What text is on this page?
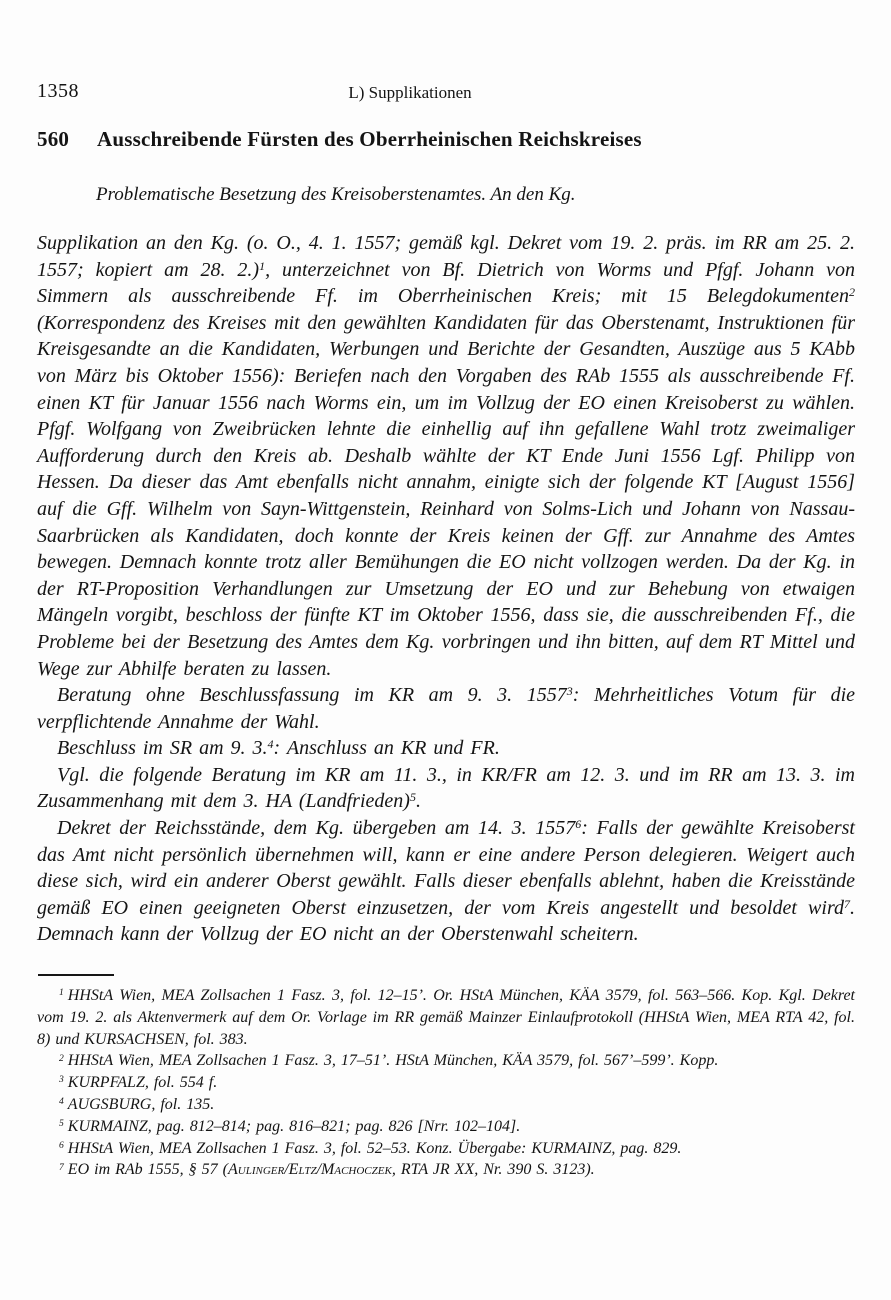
1358	L) Supplikationen
560	Ausschreibende Fürsten des Oberrheinischen Reichskreises
Problematische Besetzung des Kreisoberstenamtes. An den Kg.

Supplikation an den Kg. (o. O., 4. 1. 1557; gemäß kgl. Dekret vom 19. 2. präs. im RR am 25. 2. 1557; kopiert am 28. 2.)$^1$, unterzeichnet von Bf. Dietrich von Worms und Pfgf. Johann von Simmern als ausschreibende Ff. im Oberrheinischen Kreis; mit 15 Belegdokumenten$^2$ (Korrespondenz des Kreises mit den gewählten Kandidaten für das Oberstenamt, Instruktionen für Kreisgesandte an die Kandidaten, Werbungen und Berichte der Gesandten, Auszüge aus 5 KAbb von März bis Oktober 1556): Beriefen nach den Vorgaben des RAb 1555 als ausschreibende Ff. einen KT für Januar 1556 nach Worms ein, um im Vollzug der EO einen Kreisoberst zu wählen. Pfgf. Wolfgang von Zweibrücken lehnte die einhellig auf ihn gefallene Wahl trotz zweimaliger Aufforderung durch den Kreis ab. Deshalb wählte der KT Ende Juni 1556 Lgf. Philipp von Hessen. Da dieser das Amt ebenfalls nicht annahm, einigte sich der folgende KT [August 1556] auf die Gff. Wilhelm von Sayn-Wittgenstein, Reinhard von Solms-Lich und Johann von Nassau-Saarbrücken als Kandidaten, doch konnte der Kreis keinen der Gff. zur Annahme des Amtes bewegen. Demnach konnte trotz aller Bemühungen die EO nicht vollzogen werden. Da der Kg. in der RT-Proposition Verhandlungen zur Umsetzung der EO und zur Behebung von etwaigen Mängeln vorgibt, beschloss der fünfte KT im Oktober 1556, dass sie, die ausschreibenden Ff., die Probleme bei der Besetzung des Amtes dem Kg. vorbringen und ihn bitten, auf dem RT Mittel und Wege zur Abhilfe beraten zu lassen.

Beratung ohne Beschlussfassung im KR am 9. 3. 1557$^3$: Mehrheitliches Votum für die verpflichtende Annahme der Wahl.

Beschluss im SR am 9. 3.$^4$: Anschluss an KR und FR.

Vgl. die folgende Beratung im KR am 11. 3., in KR/FR am 12. 3. und im RR am 13. 3. im Zusammenhang mit dem 3. HA (Landfrieden)$^5$.

Dekret der Reichsstände, dem Kg. übergeben am 14. 3. 1557$^6$: Falls der gewählte Kreisoberst das Amt nicht persönlich übernehmen will, kann er eine andere Person delegieren. Weigert auch diese sich, wird ein anderer Oberst gewählt. Falls dieser ebenfalls ablehnt, haben die Kreisstände gemäß EO einen geeigneten Oberst einzusetzen, der vom Kreis angestellt und besoldet wird$^7$. Demnach kann der Vollzug der EO nicht an der Oberstenwahl scheitern.

$^1$ HHStA Wien, MEA Zollsachen 1 Fasz. 3, fol. 12–15’. Or. HStA München, KÄA 3579, fol. 563–566. Kop. Kgl. Dekret vom 19. 2. als Aktenvermerk auf dem Or. Vorlage im RR gemäß Mainzer Einlaufprotokoll (HHStA Wien, MEA RTA 42, fol. 8) und KURSACHSEN, fol. 383.

$^2$ HHStA Wien, MEA Zollsachen 1 Fasz. 3, 17–51’. HStA München, KÄA 3579, fol. 567’–599’. Kopp.

$^3$ KURPFALZ, fol. 554 f.

$^4$ AUGSBURG, fol. 135.

$^5$ KURMAINZ, pag. 812–814; pag. 816–821; pag. 826 [Nrr. 102–104].

$^6$ HHStA Wien, MEA Zollsachen 1 Fasz. 3, fol. 52–53. Konz. Übergabe: KURMAINZ, pag. 829.

$^7$ EO im RAb 1555, § 57 (Aulinger/Eltz/Machoczek, RTA JR XX, Nr. 390 S. 3123).
